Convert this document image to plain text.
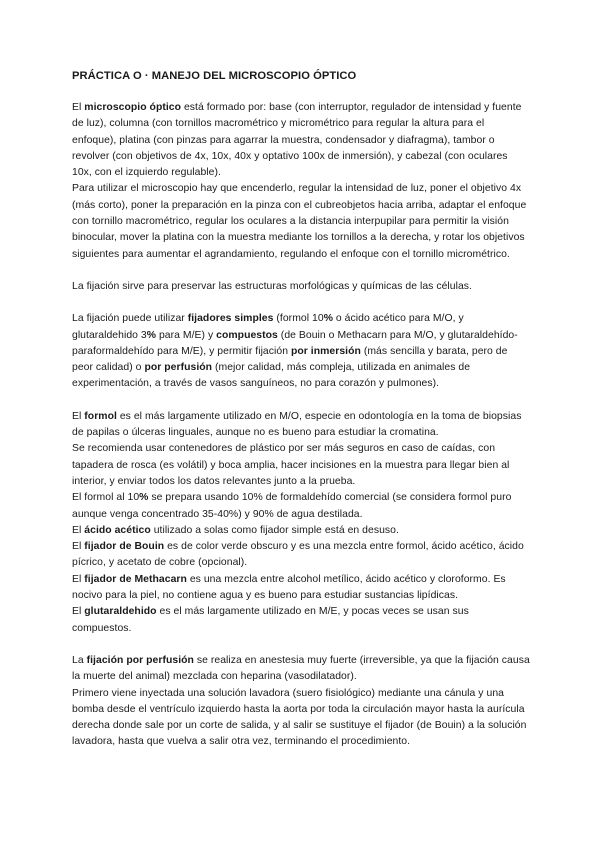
PRÁCTICA O · MANEJO DEL MICROSCOPIO ÓPTICO

El microscopio óptico está formado por: base (con interruptor, regulador de intensidad y fuente de luz), columna (con tornillos macrométrico y micrométrico para regular la altura para el enfoque), platina (con pinzas para agarrar la muestra, condensador y diafragma), tambor o revolver (con objetivos de 4x, 10x, 40x y optativo 100x de inmersión), y cabezal (con oculares 10x, con el izquierdo regulable).

Para utilizar el microscopio hay que encenderlo, regular la intensidad de luz, poner el objetivo 4x (más corto), poner la preparación en la pinza con el cubreobjetos hacia arriba, adaptar el enfoque con tornillo macrométrico, regular los oculares a la distancia interpupilar para permitir la visión binocular, mover la platina con la muestra mediante los tornillos a la derecha, y rotar los objetivos siguientes para aumentar el agrandamiento, regulando el enfoque con el tornillo micrométrico.

La fijación sirve para preservar las estructuras morfológicas y químicas de las células.

La fijación puede utilizar fijadores simples (formol 10% o ácido acético para M/O, y glutaraldehido 3% para M/E) y compuestos (de Bouin o Methacarn para M/O, y glutaraldehído-paraformaldehído para M/E), y permitir fijación por inmersión (más sencilla y barata, pero de peor calidad) o por perfusión (mejor calidad, más compleja, utilizada en animales de experimentación, a través de vasos sanguíneos, no para corazón y pulmones).

El formol es el más largamente utilizado en M/O, especie en odontología en la toma de biopsias de papilas o úlceras linguales, aunque no es bueno para estudiar la cromatina.

Se recomienda usar contenedores de plástico por ser más seguros en caso de caídas, con tapadera de rosca (es volátil) y boca amplia, hacer incisiones en la muestra para llegar bien al interior, y enviar todos los datos relevantes junto a la prueba.

El formol al 10% se prepara usando 10% de formaldehído comercial (se considera formol puro aunque venga concentrado 35-40%) y 90% de agua destilada.

El ácido acético utilizado a solas como fijador simple está en desuso.

El fijador de Bouin es de color verde obscuro y es una mezcla entre formol, ácido acético, ácido pícrico, y acetato de cobre (opcional).

El fijador de Methacarn es una mezcla entre alcohol metílico, ácido acético y cloroformo. Es nocivo para la piel, no contiene agua y es bueno para estudiar sustancias lipídicas.

El glutaraldehido es el más largamente utilizado en M/E, y pocas veces se usan sus compuestos.

La fijación por perfusión se realiza en anestesia muy fuerte (irreversible, ya que la fijación causa la muerte del animal) mezclada con heparina (vasodilatador).

Primero viene inyectada una solución lavadora (suero fisiológico) mediante una cánula y una bomba desde el ventrículo izquierdo hasta la aorta por toda la circulación mayor hasta la aurícula derecha donde sale por un corte de salida, y al salir se sustituye el fijador (de Bouin) a la solución lavadora, hasta que vuelva a salir otra vez, terminando el procedimiento.
